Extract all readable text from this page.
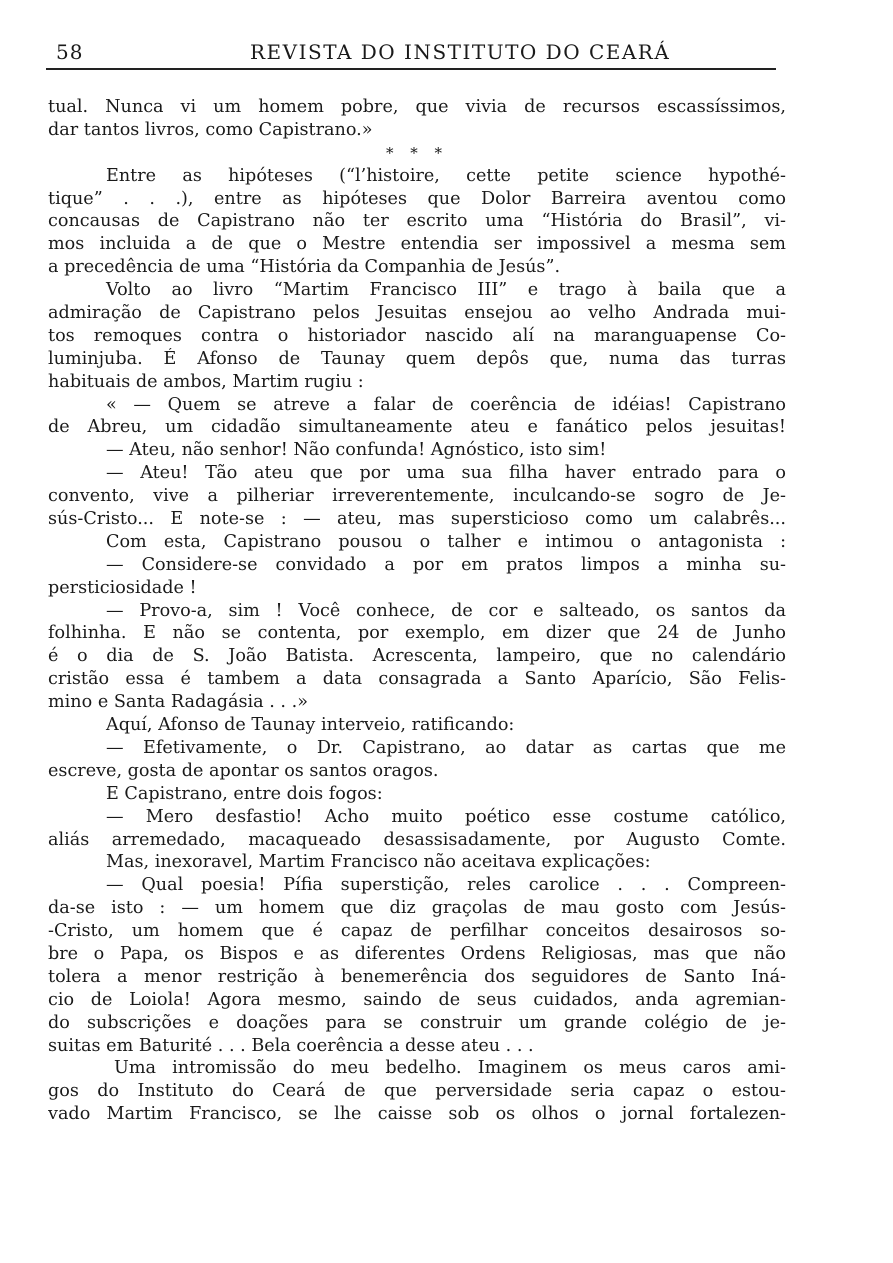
58	REVISTA DO INSTITUTO DO CEARÁ
tual. Nunca vi um homem pobre, que vivia de recursos escassíssimos,
dar tantos livros, como Capistrano.»
* * *
Entre as hipóteses (“l’histoire, cette petite science hypothé-
tique” . . .), entre as hipóteses que Dolor Barreira aventou como
concausas de Capistrano não ter escrito uma “História do Brasil”, vi-
mos incluida a de que o Mestre entendia ser impossivel a mesma sem
a precedência de uma “História da Companhia de Jesús”.
Volto ao livro “Martim Francisco III” e trago à baila que a
admiração de Capistrano pelos Jesuitas ensejou ao velho Andrada mui-
tos remoques contra o historiador nascido alí na maranguapense Co-
luminjuba. É Afonso de Taunay quem depôs que, numa das turras
habituais de ambos, Martim rugiu :
« — Quem se atreve a falar de coerência de idéias! Capistrano
de Abreu, um cidadão simultaneamente ateu e fanático pelos jesuitas!
— Ateu, não senhor! Não confunda! Agnóstico, isto sim!
— Ateu! Tão ateu que por uma sua filha haver entrado para o
convento, vive a pilheriar irreverentemente, inculcando-se sogro de Je-
sús-Cristo... E note-se : — ateu, mas supersticioso como um calabrês...
Com esta, Capistrano pousou o talher e intimou o antagonista :
— Considere-se convidado a por em pratos limpos a minha su-
persticiosidade !
— Provo-a, sim ! Você conhece, de cor e salteado, os santos da
folhinha. E não se contenta, por exemplo, em dizer que 24 de Junho
é o dia de S. João Batista. Acrescenta, lampeiro, que no calendário
cristão essa é tambem a data consagrada a Santo Aparício, São Felis-
mino e Santa Radagásia . . .»
Aquí, Afonso de Taunay interveio, ratificando:
— Efetivamente, o Dr. Capistrano, ao datar as cartas que me
escreve, gosta de apontar os santos oragos.
E Capistrano, entre dois fogos:
— Mero desfastio! Acho muito poético esse costume católico,
aliás arremedado, macaqueado desassisadamente, por Augusto Comte.
Mas, inexoravel, Martim Francisco não aceitava explicações:
— Qual poesia! Pífia superstição, reles carolice . . . Compreen-
da-se isto : — um homem que diz graçolas de mau gosto com Jesús-
-Cristo, um homem que é capaz de perfilhar conceitos desairosos so-
bre o Papa, os Bispos e as diferentes Ordens Religiosas, mas que não
tolera a menor restrição à benemerência dos seguidores de Santo Iná-
cio de Loiola! Agora mesmo, saindo de seus cuidados, anda agremian-
do subscrições e doações para se construir um grande colégio de je-
suitas em Baturité . . . Bela coerência a desse ateu . . .
Uma intromissão do meu bedelho. Imaginem os meus caros ami-
gos do Instituto do Ceará de que perversidade seria capaz o estou-
vado Martim Francisco, se lhe caisse sob os olhos o jornal fortalezen-
